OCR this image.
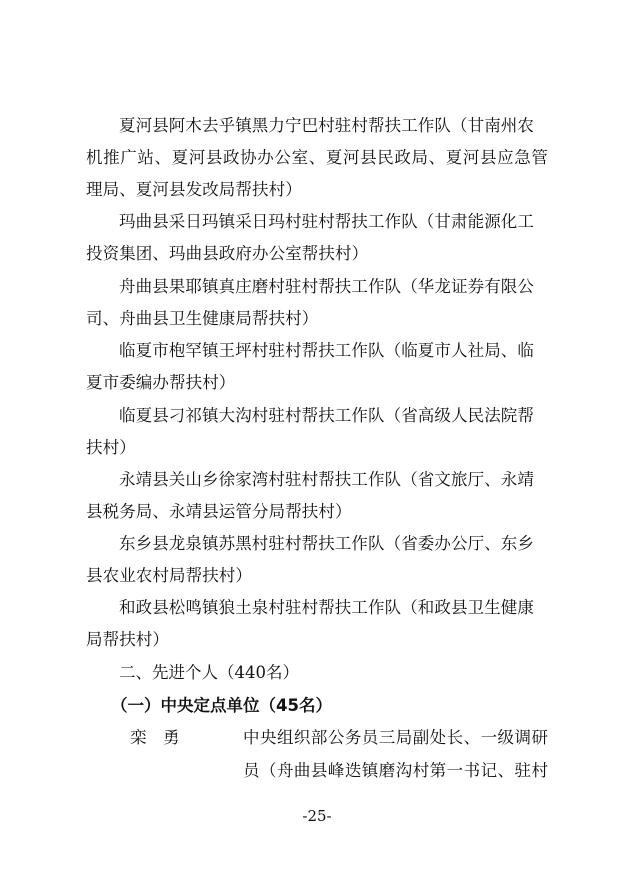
夏河县阿木去乎镇黑力宁巴村驻村帮扶工作队（甘南州农
机推广站、夏河县政协办公室、夏河县民政局、夏河县应急管
理局、夏河县发改局帮扶村）
玛曲县采日玛镇采日玛村驻村帮扶工作队（甘肃能源化工
投资集团、玛曲县政府办公室帮扶村）
舟曲县果耶镇真庄磨村驻村帮扶工作队（华龙证券有限公
司、舟曲县卫生健康局帮扶村）
临夏市枹罕镇王坪村驻村帮扶工作队（临夏市人社局、临
夏市委编办帮扶村）
临夏县刁祁镇大沟村驻村帮扶工作队（省高级人民法院帮
扶村）
永靖县关山乡徐家湾村驻村帮扶工作队（省文旅厅、永靖
县税务局、永靖县运管分局帮扶村）
东乡县龙泉镇苏黑村驻村帮扶工作队（省委办公厅、东乡
县农业农村局帮扶村）
和政县松鸣镇狼土泉村驻村帮扶工作队（和政县卫生健康
局帮扶村）
二、先进个人（440名）
（一）中央定点单位（45名）
栾　勇	中央组织部公务员三局副处长、一级调研
员（舟曲县峰迭镇磨沟村第一书记、驻村
-25-
